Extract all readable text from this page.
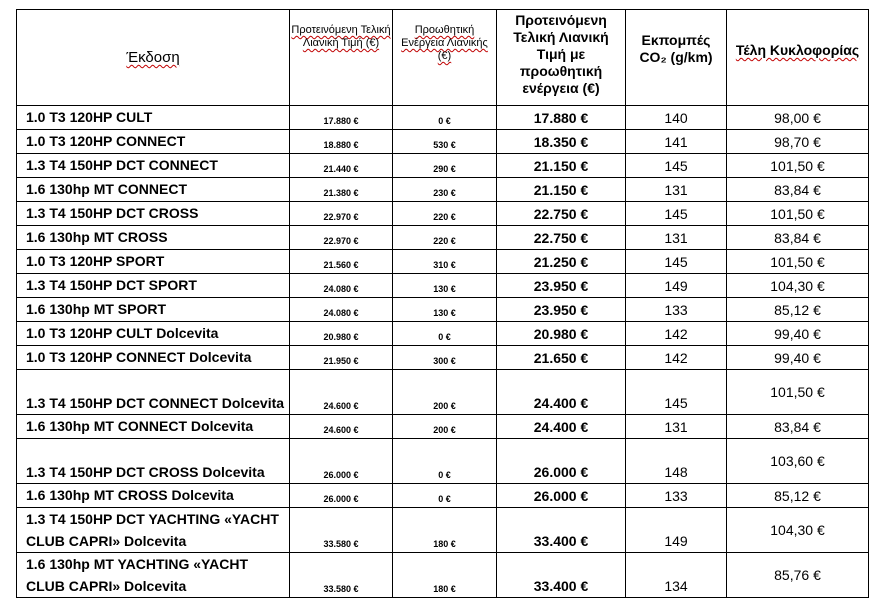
Έκδοση	Προτεινόμενη Τελική Λιανική Τιμή (€)	Προωθητική Ενέργεια Λιανικής (€)	Προτεινόμενη Τελική Λιανική Τιμή με προωθητική ενέργεια (€)	Εκπομπές CO₂ (g/km)	Τέλη Κυκλοφορίας
1.0 T3 120HP CULT	17.880 €	0 €	17.880 €	140	98,00 €
1.0 T3 120HP CONNECT	18.880 €	530 €	18.350 €	141	98,70 €
1.3 T4 150HP DCT CONNECT	21.440 €	290 €	21.150 €	145	101,50 €
1.6 130hp MT CONNECT	21.380 €	230 €	21.150 €	131	83,84 €
1.3 T4 150HP DCT CROSS	22.970 €	220 €	22.750 €	145	101,50 €
1.6 130hp MT CROSS	22.970 €	220 €	22.750 €	131	83,84 €
1.0 T3 120HP SPORT	21.560 €	310 €	21.250 €	145	101,50 €
1.3 T4 150HP DCT SPORT	24.080 €	130 €	23.950 €	149	104,30 €
1.6 130hp MT SPORT	24.080 €	130 €	23.950 €	133	85,12 €
1.0 T3 120HP CULT Dolcevita	20.980 €	0 €	20.980 €	142	99,40 €
1.0 T3 120HP CONNECT Dolcevita	21.950 €	300 €	21.650 €	142	99,40 €
1.3 T4 150HP DCT CONNECT Dolcevita	24.600 €	200 €	24.400 €	145	101,50 €
1.6 130hp MT CONNECT Dolcevita	24.600 €	200 €	24.400 €	131	83,84 €
1.3 T4 150HP DCT CROSS Dolcevita	26.000 €	0 €	26.000 €	148	103,60 €
1.6 130hp MT CROSS Dolcevita	26.000 €	0 €	26.000 €	133	85,12 €
1.3 T4 150HP DCT YACHTING «YACHT CLUB CAPRI» Dolcevita	33.580 €	180 €	33.400 €	149	104,30 €
1.6 130hp MT YACHTING «YACHT CLUB CAPRI» Dolcevita	33.580 €	180 €	33.400 €	134	85,76 €
